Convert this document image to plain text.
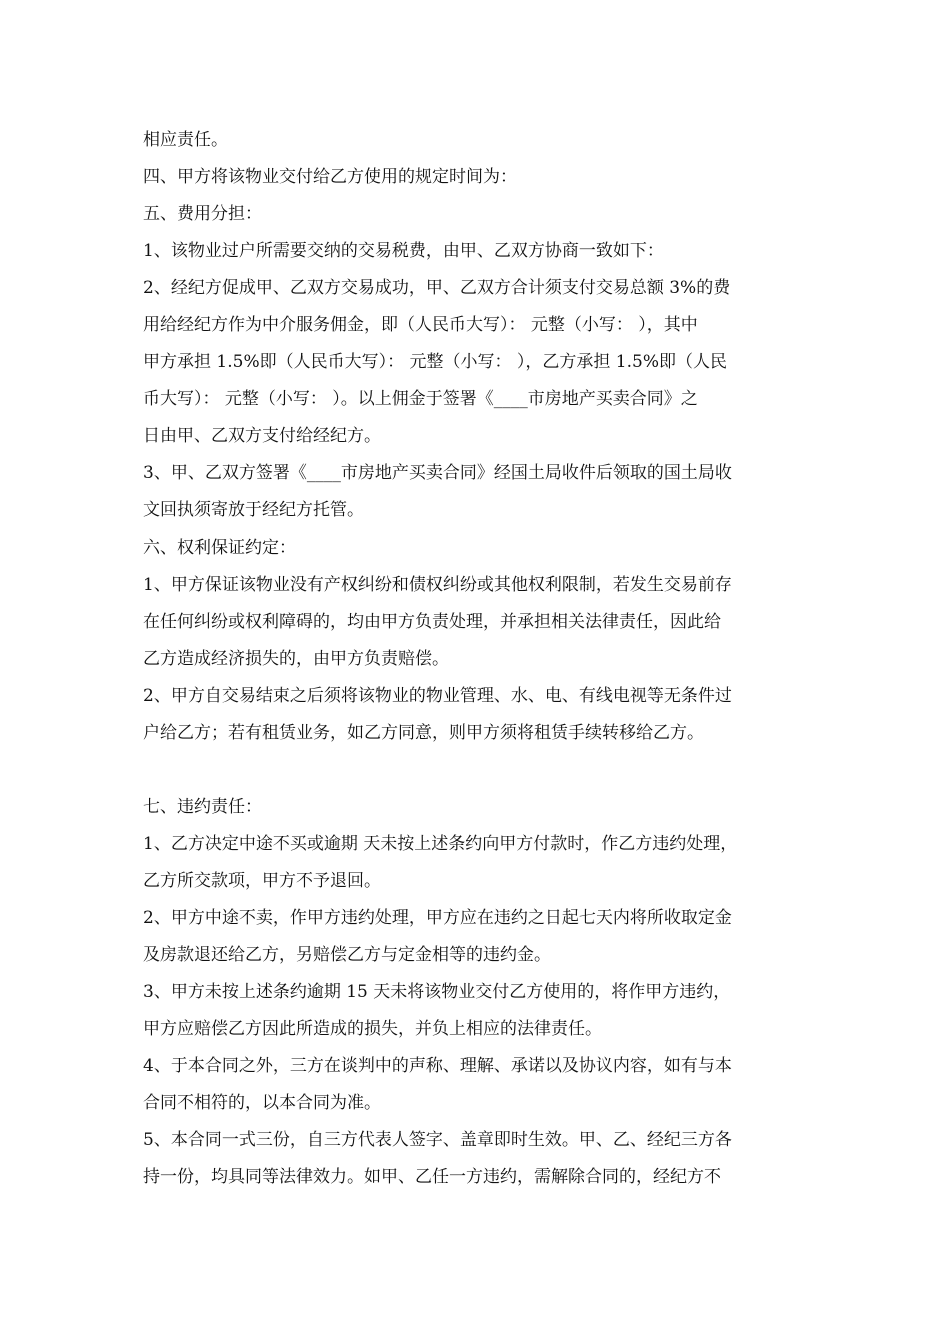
相应责任。
四、甲方将该物业交付给乙方使用的规定时间为：
五、费用分担：
1、该物业过户所需要交纳的交易税费，由甲、乙双方协商一致如下：
2、经纪方促成甲、乙双方交易成功，甲、乙双方合计须支付交易总额 3%的费
用给经纪方作为中介服务佣金，即（人民币大写）： 元整（小写： ），其中
甲方承担 1.5%即（人民币大写）： 元整（小写： ），乙方承担 1.5%即（人民
币大写）： 元整（小写： ）。以上佣金于签署《____市房地产买卖合同》之
日由甲、乙双方支付给经纪方。
3、甲、乙双方签署《____市房地产买卖合同》经国土局收件后领取的国土局收
文回执须寄放于经纪方托管。
六、权利保证约定：
1、甲方保证该物业没有产权纠纷和债权纠纷或其他权利限制，若发生交易前存
在任何纠纷或权利障碍的，均由甲方负责处理，并承担相关法律责任，因此给
乙方造成经济损失的，由甲方负责赔偿。
2、甲方自交易结束之后须将该物业的物业管理、水、电、有线电视等无条件过
户给乙方；若有租赁业务，如乙方同意，则甲方须将租赁手续转移给乙方。
七、违约责任：
1、乙方决定中途不买或逾期 天未按上述条约向甲方付款时，作乙方违约处理，
乙方所交款项，甲方不予退回。
2、甲方中途不卖，作甲方违约处理，甲方应在违约之日起七天内将所收取定金
及房款退还给乙方，另赔偿乙方与定金相等的违约金。
3、甲方未按上述条约逾期 15 天未将该物业交付乙方使用的，将作甲方违约，
甲方应赔偿乙方因此所造成的损失，并负上相应的法律责任。
4、于本合同之外，三方在谈判中的声称、理解、承诺以及协议内容，如有与本
合同不相符的，以本合同为准。
5、本合同一式三份，自三方代表人签字、盖章即时生效。甲、乙、经纪三方各
持一份，均具同等法律效力。如甲、乙任一方违约，需解除合同的，经纪方不
